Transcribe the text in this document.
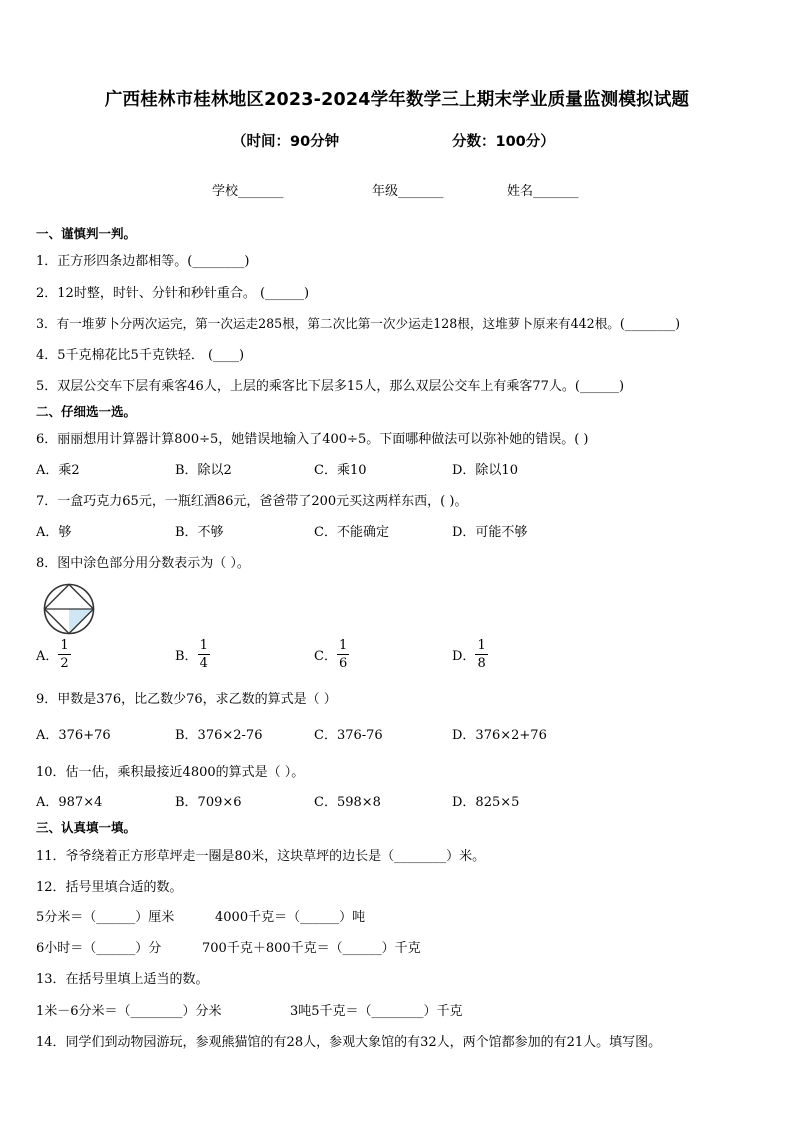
广西桂林市桂林地区2023-2024学年数学三上期末学业质量监测模拟试题
（时间：90分钟	分数：100分）
学校_______	年级_______	姓名_______
一、谨慎判一判。
1．正方形四条边都相等。(________)
2．12时整，时针、分针和秒针重合。 (______)
3．有一堆萝卜分两次运完，第一次运走285根，第二次比第一次少运走128根，这堆萝卜原来有442根。(________)
4．5千克棉花比5千克铁轻． (____)
5．双层公交车下层有乘客46人，上层的乘客比下层多15人，那么双层公交车上有乘客77人。(______)
二、仔细选一选。
6．丽丽想用计算器计算800÷5，她错误地输入了400÷5。下面哪种做法可以弥补她的错误。( )
A．乘2	B．除以2	C．乘10	D．除以10
7．一盒巧克力65元，一瓶红酒86元，爸爸带了200元买这两样东西，( )。
A．够	B．不够	C．不能确定	D．可能不够
8．图中涂色部分用分数表示为（ ）。
A． $\frac{1}{2}$	B． $\frac{1}{4}$	C． $\frac{1}{6}$	D． $\frac{1}{8}$
9．甲数是376，比乙数少76，求乙数的算式是（ ）
A．376+76	B．376×2-76	C．376-76	D．376×2+76
10．估一估，乘积最接近4800的算式是（ ）。
A．987×4	B．709×6	C．598×8	D．825×5
三、认真填一填。
11．爷爷绕着正方形草坪走一圈是80米，这块草坪的边长是（________）米。
12．括号里填合适的数。
5分米＝（______）厘米	4000千克＝（______）吨
6小时＝（______）分	700千克＋800千克＝（______）千克
13．在括号里填上适当的数。
1米－6分米＝（________）分米	3吨5千克＝（________）千克
14．同学们到动物园游玩，参观熊猫馆的有28人，参观大象馆的有32人，两个馆都参加的有21人。填写图。
